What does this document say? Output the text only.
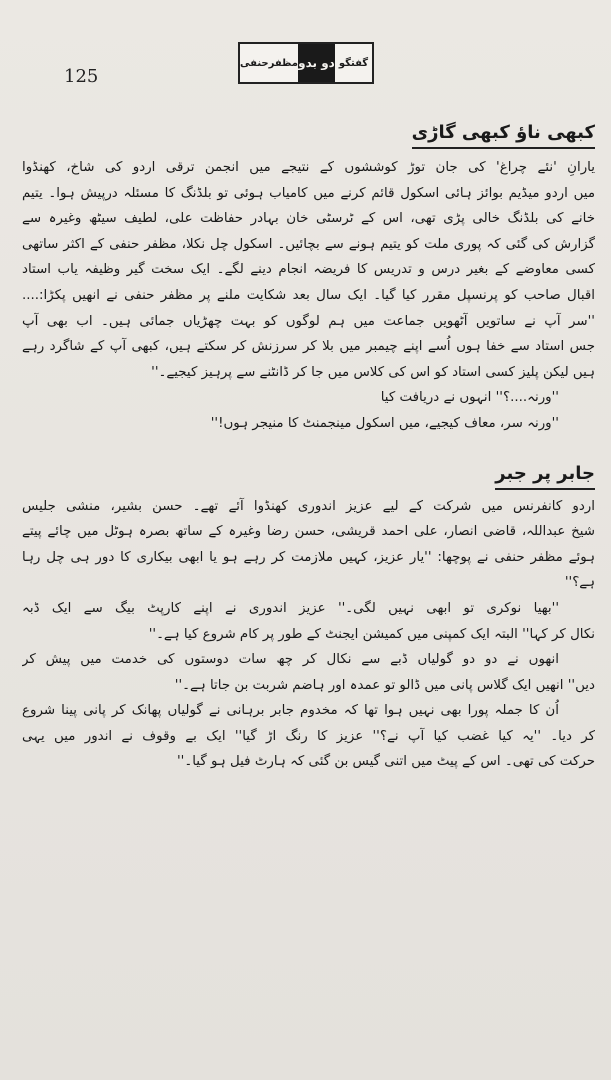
125
گفتگو
دو بدو
مظفرحنفی
کبھی ناؤ کبھی گاڑی
یارانِ 'نئے چراغ' کی جان توڑ کوششوں کے نتیجے میں انجمن ترقی اردو کی شاخ، کھنڈوا
میں اردو میڈیم بوائز ہائی اسکول قائم کرنے میں کامیاب ہوئی تو بلڈنگ کا مسئلہ درپیش ہوا۔ یتیم
خانے کی بلڈنگ خالی پڑی تھی، اس کے ٹرسٹی خان بہادر حفاظت علی، لطیف سیٹھ وغیرہ سے
گزارش کی گئی کہ پوری ملت کو یتیم ہونے سے بچائیں۔ اسکول چل نکلا، مظفر حنفی کے اکثر ساتھی
کسی معاوضے کے بغیر درس و تدریس کا فریضہ انجام دینے لگے۔ ایک سخت گیر وظیفہ یاب استاد
اقبال صاحب کو پرنسپل مقرر کیا گیا۔ ایک سال بعد شکایت ملنے پر مظفر حنفی نے انھیں پکڑا:....
''سر آپ نے ساتویں آٹھویں جماعت میں ہم لوگوں کو بہت چھڑیاں جمائی ہیں۔ اب بھی آپ
جس استاد سے خفا ہوں اُسے اپنے چیمبر میں بلا کر سرزنش کر سکتے ہیں، کبھی آپ کے شاگرد رہے
ہیں لیکن پلیز کسی استاد کو اس کی کلاس میں جا کر ڈانٹنے سے پرہیز کیجیے۔''
''ورنہ....؟'' انہوں نے دریافت کیا
''ورنہ سر، معاف کیجیے، میں اسکول مینجمنٹ کا منیجر ہوں!''
جابر پر جبر
اردو کانفرنس میں شرکت کے لیے عزیز اندوری کھنڈوا آئے تھے۔ حسن بشیر، منشی جلیس
شیخ عبداللہ، قاضی انصار، علی احمد قریشی، حسن رضا وغیرہ کے ساتھ بصرہ ہوٹل میں چائے پیتے
ہوئے مظفر حنفی نے پوچھا: ''یار عزیز، کہیں ملازمت کر رہے ہو یا ابھی بیکاری کا دور ہی چل رہا
ہے؟''
''بھیا نوکری تو ابھی نہیں لگی۔'' عزیز اندوری نے اپنے کارپٹ بیگ سے ایک ڈبہ
نکال کر کہا'' البتہ ایک کمپنی میں کمیشن ایجنٹ کے طور پر کام شروع کیا ہے۔''
انھوں نے دو دو گولیاں ڈبے سے نکال کر چھ سات دوستوں کی خدمت میں پیش کر
دیں'' انھیں ایک گلاس پانی میں ڈالو تو عمدہ اور ہاضم شربت بن جاتا ہے۔''
اُن کا جملہ پورا بھی نہیں ہوا تھا کہ مخدوم جابر برہانی نے گولیاں پھانک کر پانی پینا شروع
کر دیا۔ ''یہ کیا غضب کیا آپ نے؟'' عزیز کا رنگ اڑ گیا'' ایک بے وقوف نے اندور میں یہی
حرکت کی تھی۔ اس کے پیٹ میں اتنی گیس بن گئی کہ ہارٹ فیل ہو گیا۔''
